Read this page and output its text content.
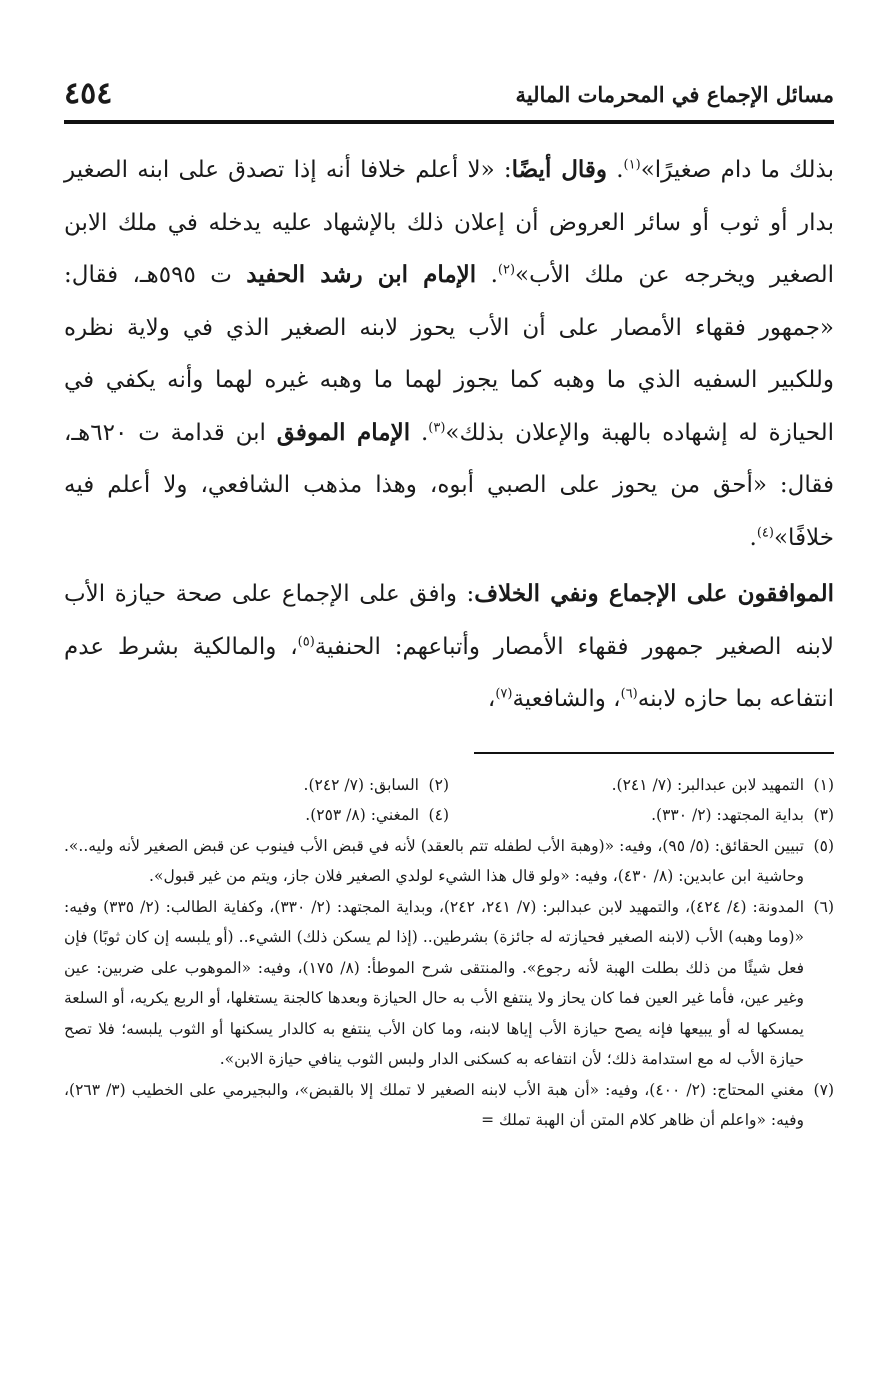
مسائل الإجماع في المحرمات المالية
٤٥٤

بذلك ما دام صغيرًا»$^{(١)}$. وقال أيضًا: «لا أعلم خلافا أنه إذا تصدق على ابنه الصغير بدار أو ثوب أو سائر العروض أن إعلان ذلك بالإشهاد عليه يدخله في ملك الابن الصغير ويخرجه عن ملك الأب»$^{(٢)}$. الإمام ابن رشد الحفيد ت ٥٩٥هـ، فقال: «جمهور فقهاء الأمصار على أن الأب يحوز لابنه الصغير الذي في ولاية نظره وللكبير السفيه الذي ما وهبه كما يجوز لهما ما وهبه غيره لهما وأنه يكفي في الحيازة له إشهاده بالهبة والإعلان بذلك»$^{(٣)}$. الإمام الموفق ابن قدامة ت ٦٢٠هـ، فقال: «أحق من يحوز على الصبي أبوه، وهذا مذهب الشافعي، ولا أعلم فيه خلافًا»$^{(٤)}$.

الموافقون على الإجماع ونفي الخلاف: وافق على الإجماع على صحة حيازة الأب لابنه الصغير جمهور فقهاء الأمصار وأتباعهم: الحنفية$^{(٥)}$، والمالكية بشرط عدم انتفاعه بما حازه لابنه$^{(٦)}$، والشافعية$^{(٧)}$،

(١)
التمهيد لابن عبدالبر: (٧/ ٢٤١).
(٢)
السابق: (٧/ ٢٤٢).
(٣)
بداية المجتهد: (٢/ ٣٣٠).
(٤)
المغني: (٨/ ٢٥٣).
(٥)
تبيين الحقائق: (٥/ ٩٥)، وفيه: «(وهبة الأب لطفله تتم بالعقد) لأنه في قبض الأب فينوب عن قبض الصغير لأنه وليه..». وحاشية ابن عابدين: (٨/ ٤٣٠)، وفيه: «ولو قال هذا الشيء لولدي الصغير فلان جاز، ويتم من غير قبول».
(٦)
المدونة: (٤/ ٤٢٤)، والتمهيد لابن عبدالبر: (٧/ ٢٤١، ٢٤٢)، وبداية المجتهد: (٢/ ٣٣٠)، وكفاية الطالب: (٢/ ٣٣٥) وفيه: «(وما وهبه) الأب (لابنه الصغير فحيازته له جائزة) بشرطين.. (إذا لم يسكن ذلك) الشيء.. (أو يلبسه إن كان ثوبًا) فإن فعل شيئًا من ذلك بطلت الهبة لأنه رجوع». والمنتقى شرح الموطأ: (٨/ ١٧٥)، وفيه: «الموهوب على ضربين: عين وغير عين، فأما غير العين فما كان يحاز ولا ينتفع الأب به حال الحيازة وبعدها كالجنة يستغلها، أو الربع يكريه، أو السلعة يمسكها له أو يبيعها فإنه يصح حيازة الأب إياها لابنه، وما كان الأب ينتفع به كالدار يسكنها أو الثوب يلبسه؛ فلا تصح حيازة الأب له مع استدامة ذلك؛ لأن انتفاعه به كسكنى الدار ولبس الثوب ينافي حيازة الابن».
(٧)
مغني المحتاج: (٢/ ٤٠٠)، وفيه: «أن هبة الأب لابنه الصغير لا تملك إلا بالقبض»، والبجيرمي على الخطيب (٣/ ٢٦٣)، وفيه: «واعلم أن ظاهر كلام المتن أن الهبة تملك =
